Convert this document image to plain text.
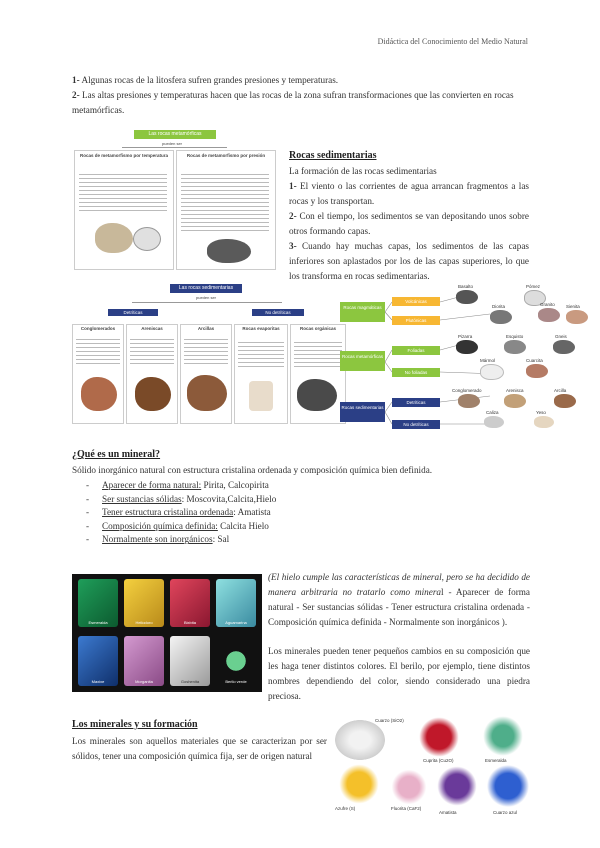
Didáctica del Conocimiento del Medio Natural
1- Algunas rocas de la litosfera sufren grandes presiones y temperaturas.
2- Las altas presiones y temperaturas hacen que las rocas de la zona sufran transformaciones que las convierten en rocas metamórficas.
Las rocas metamórficas
pueden ser
Rocas de metamorfismo por temperatura	Rocas de metamorfismo por presión	Rocas sedimentarias
La formación de las rocas sedimentarias
1- El viento o las corrientes de agua arrancan fragmentos a las rocas y los transportan.
2- Con el tiempo, los sedimentos se van depositando unos sobre otros formando capas.
3- Cuando hay muchas capas, los sedimentos de las capas inferiores son aplastados por los de las capas superiores, lo que los transforma en rocas sedimentarias.
Las rocas sedimentarias
pueden ser
Detríticas	No detríticas
Conglomerados	Areniscas	Arcillas	Rocas evaporitas	Rocas orgánicas
Rocas magmáticas
Volcánicas
Plutónicas
Rocas metamórficas
Foliadas
No foliadas
Rocas sedimentarias
Detríticas
No detríticas
Basalto	Pómez
Diorita	Granito Sienita
Pizarra	Esquisto	Gneis
Mármol	Cuarcita
Conglomerado	Arenisca	Arcilla
Caliza	Yeso
¿Qué es un mineral?
Sólido inorgánico natural con estructura cristalina ordenada y composición química bien definida.
- Aparecer de forma natural: Pirita, Calcopirita
- Ser sustancias sólidas: Moscovita,Calcita,Hielo
- Tener estructura cristalina ordenada: Amatista
- Composición química definida: Calcita Hielo
- Normalmente son inorgánicos: Sal
Esmeralda	Heliodoro	Bixbita	Aguamarina
Maxixe	Morganita	Goshenita	Berilo verde
(El hielo cumple las características de mineral, pero se ha decidido de manera arbitraria no tratarlo como mineral - Aparecer de forma natural - Ser sustancias sólidas - Tener estructura cristalina ordenada - Composición química definida - Normalmente son inorgánicos ).
Los minerales pueden tener pequeños cambios en su composición que les haga tener distintos colores. El berilo, por ejemplo, tiene distintos nombres dependiendo del color, siendo considerado una piedra preciosa.
Los minerales y su formación
Los minerales son aquellos materiales que se caracterizan por ser sólidos, tener una composición química fija, ser de origen natural
Cuarzo (SiO2)
Cuprita (Cu2O)	Esmeralda
Azufre (S)	Fluorita (CaF2)
Amatista	Cuarzo azul
